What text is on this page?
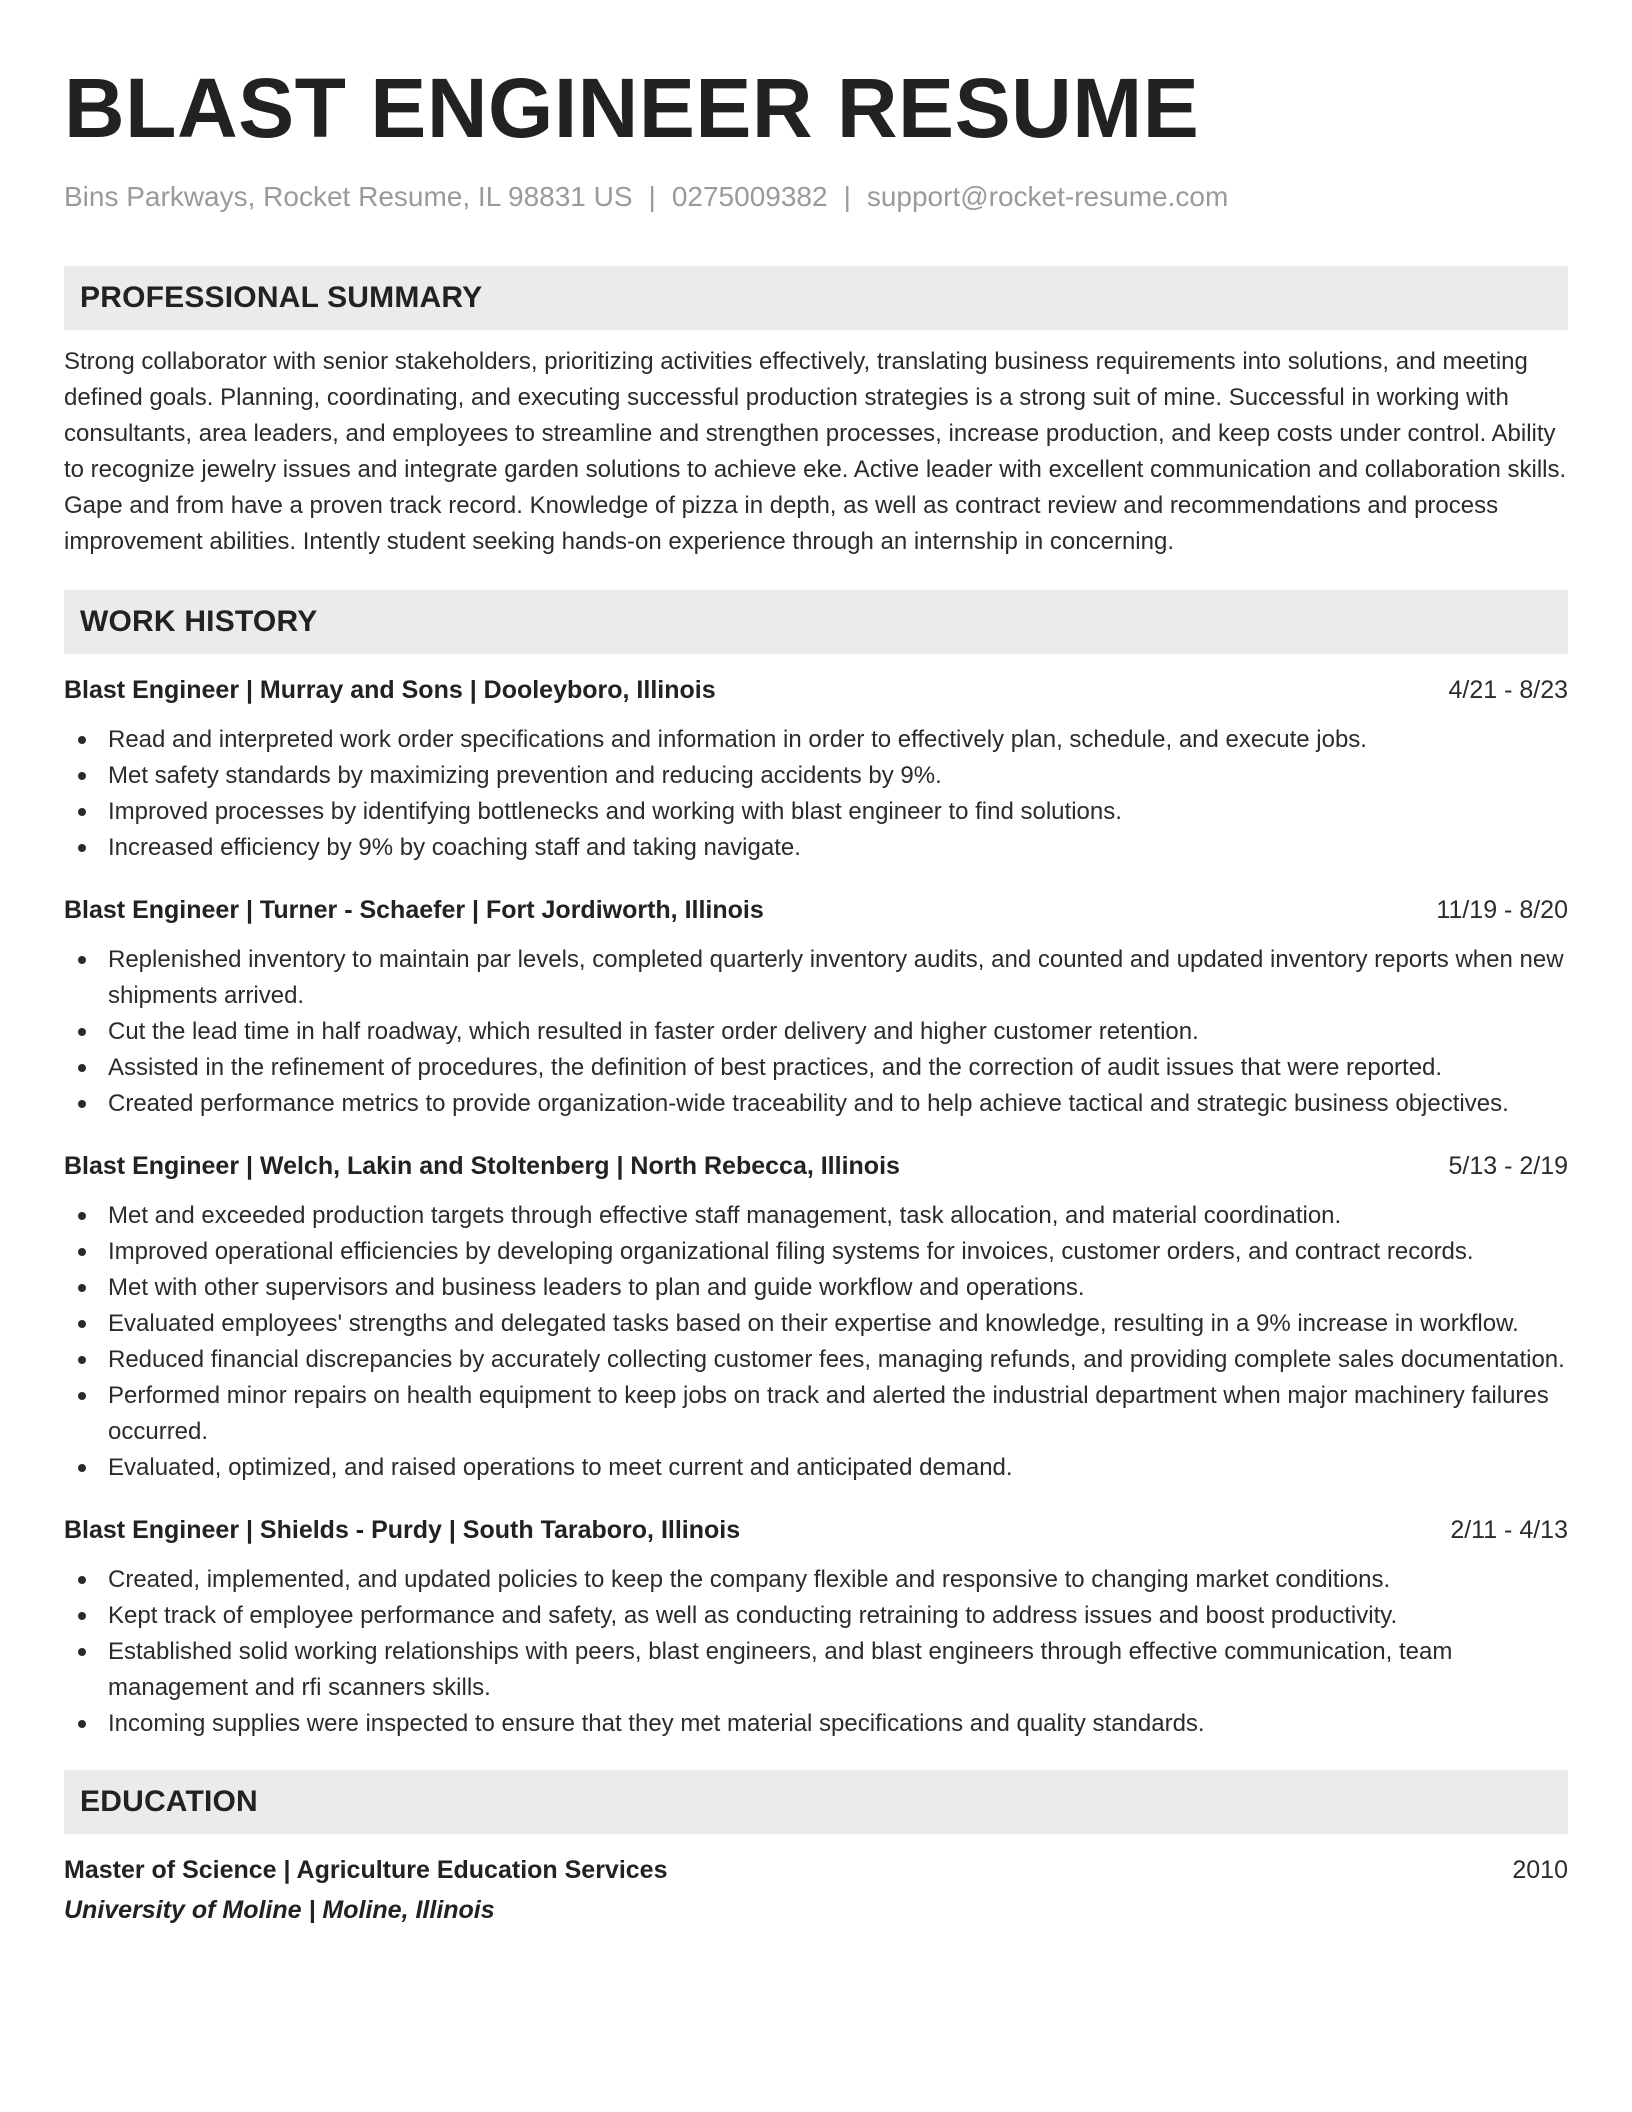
BLAST ENGINEER RESUME
Bins Parkways, Rocket Resume, IL 98831 US | 0275009382 | support@rocket-resume.com
PROFESSIONAL SUMMARY

Strong collaborator with senior stakeholders, prioritizing activities effectively, translating business requirements into solutions, and meeting defined goals. Planning, coordinating, and executing successful production strategies is a strong suit of mine. Successful in working with consultants, area leaders, and employees to streamline and strengthen processes, increase production, and keep costs under control. Ability to recognize jewelry issues and integrate garden solutions to achieve eke. Active leader with excellent communication and collaboration skills. Gape and from have a proven track record. Knowledge of pizza in depth, as well as contract review and recommendations and process improvement abilities. Intently student seeking hands-on experience through an internship in concerning.

WORK HISTORY
Blast Engineer | Murray and Sons | Dooleyboro, Illinois	4/21 - 8/23
Read and interpreted work order specifications and information in order to effectively plan, schedule, and execute jobs.
Met safety standards by maximizing prevention and reducing accidents by 9%.
Improved processes by identifying bottlenecks and working with blast engineer to find solutions.
Increased efficiency by 9% by coaching staff and taking navigate.
Blast Engineer | Turner - Schaefer | Fort Jordiworth, Illinois	11/19 - 8/20
Replenished inventory to maintain par levels, completed quarterly inventory audits, and counted and updated inventory reports when new shipments arrived.
Cut the lead time in half roadway, which resulted in faster order delivery and higher customer retention.
Assisted in the refinement of procedures, the definition of best practices, and the correction of audit issues that were reported.
Created performance metrics to provide organization-wide traceability and to help achieve tactical and strategic business objectives.
Blast Engineer | Welch, Lakin and Stoltenberg | North Rebecca, Illinois	5/13 - 2/19
Met and exceeded production targets through effective staff management, task allocation, and material coordination.
Improved operational efficiencies by developing organizational filing systems for invoices, customer orders, and contract records.
Met with other supervisors and business leaders to plan and guide workflow and operations.
Evaluated employees' strengths and delegated tasks based on their expertise and knowledge, resulting in a 9% increase in workflow.
Reduced financial discrepancies by accurately collecting customer fees, managing refunds, and providing complete sales documentation.
Performed minor repairs on health equipment to keep jobs on track and alerted the industrial department when major machinery failures occurred.
Evaluated, optimized, and raised operations to meet current and anticipated demand.
Blast Engineer | Shields - Purdy | South Taraboro, Illinois	2/11 - 4/13
Created, implemented, and updated policies to keep the company flexible and responsive to changing market conditions.
Kept track of employee performance and safety, as well as conducting retraining to address issues and boost productivity.
Established solid working relationships with peers, blast engineers, and blast engineers through effective communication, team management and rfi scanners skills.
Incoming supplies were inspected to ensure that they met material specifications and quality standards.
EDUCATION
Master of Science | Agriculture Education Services	2010
University of Moline | Moline, Illinois
